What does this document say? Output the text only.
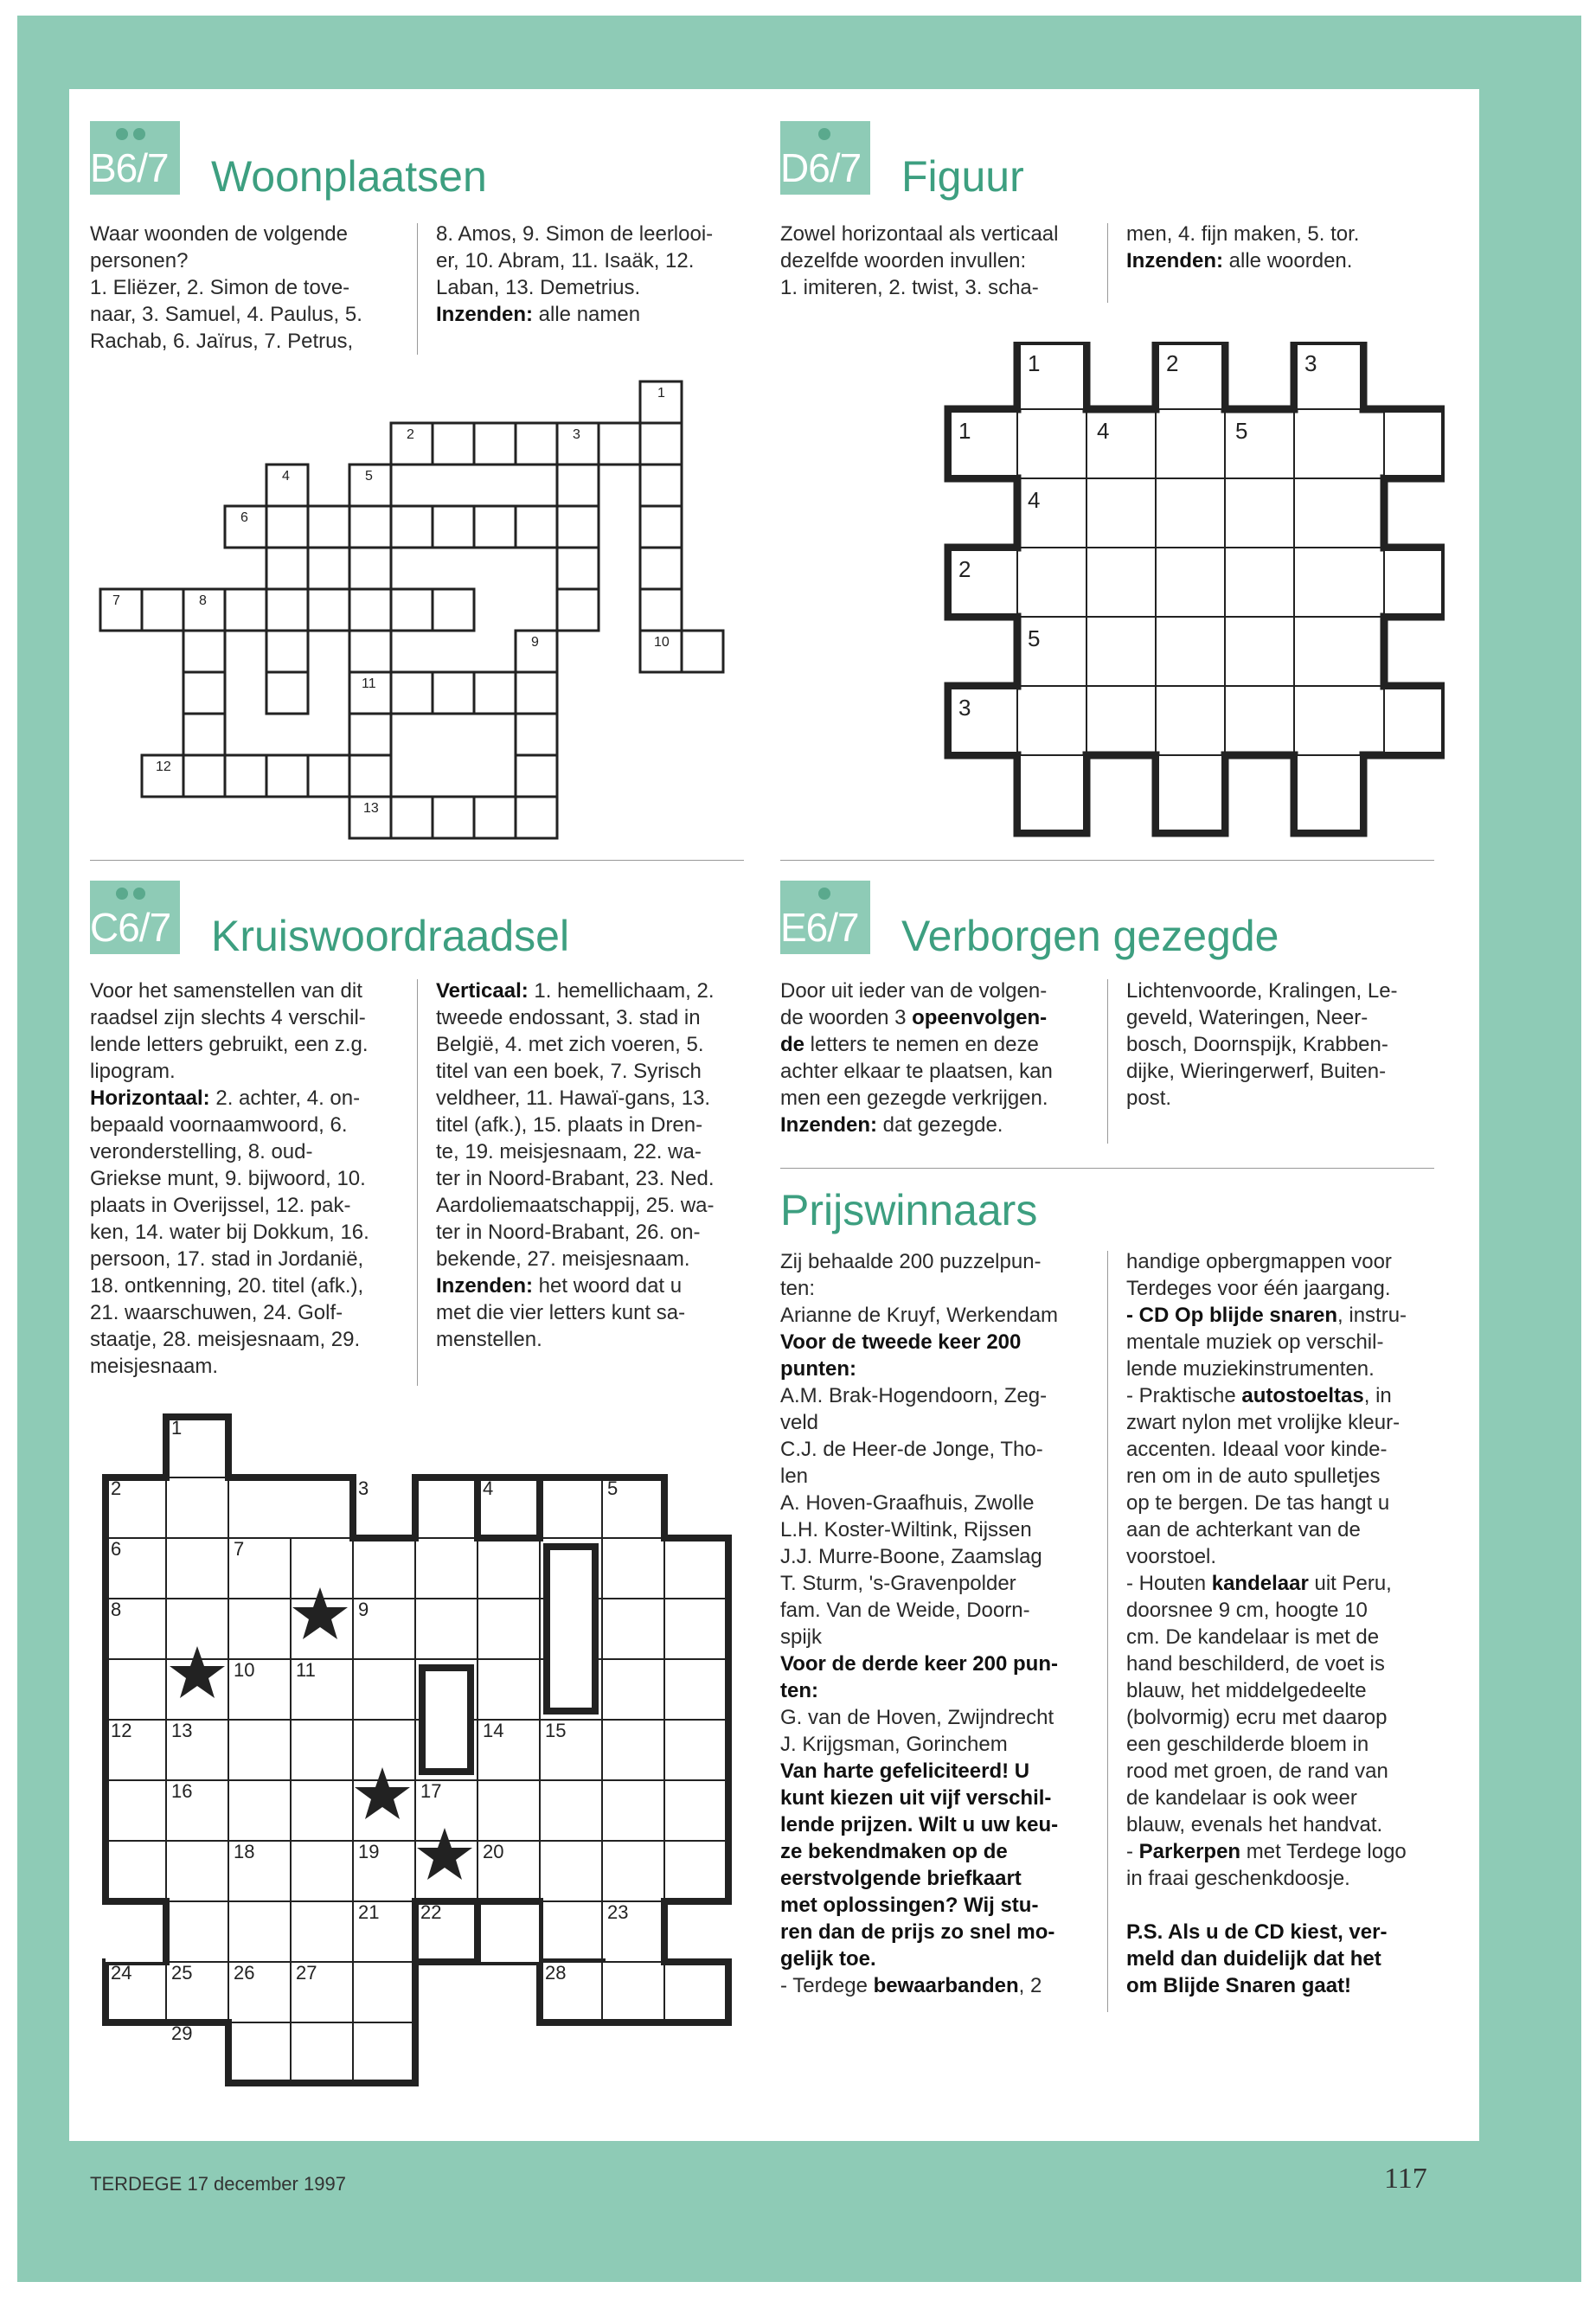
B6/7 Woonplaatsen
Waar woonden de volgende
personen?
1. Eliëzer, 2. Simon de tove-
naar, 3. Samuel, 4. Paulus, 5.
Rachab, 6. Jaïrus, 7. Petrus,
8. Amos, 9. Simon de leerlooi-
er, 10. Abram, 11. Isaäk, 12.
Laban, 13. Demetrius.
Inzenden: alle namen
1
2	3
4	5
6
7	8
9	10
11
12
13
D6/7 Figuur
Zowel horizontaal als verticaal
dezelfde woorden invullen:
1. imiteren, 2. twist, 3. scha-
men, 4. fijn maken, 5. tor.
Inzenden: alle woorden.
1	2	3
1	4	5
4
2
5
3
C6/7 Kruiswoordraadsel
Voor het samenstellen van dit
raadsel zijn slechts 4 verschil-
lende letters gebruikt, een z.g.
lipogram.
Horizontaal: 2. achter, 4. on-
bepaald voornaamwoord, 6.
veronderstelling, 8. oud-
Griekse munt, 9. bijwoord, 10.
plaats in Overijssel, 12. pak-
ken, 14. water bij Dokkum, 16.
persoon, 17. stad in Jordanië,
18. ontkenning, 20. titel (afk.),
21. waarschuwen, 24. Golf-
staatje, 28. meisjesnaam, 29.
meisjesnaam.
Verticaal: 1. hemellichaam, 2.
tweede endossant, 3. stad in
België, 4. met zich voeren, 5.
titel van een boek, 7. Syrisch
veldheer, 11. Hawaï-gans, 13.
titel (afk.), 15. plaats in Dren-
te, 19. meisjesnaam, 22. wa-
ter in Noord-Brabant, 23. Ned.
Aardoliemaatschappij, 25. wa-
ter in Noord-Brabant, 26. on-
bekende, 27. meisjesnaam.
Inzenden: het woord dat u
met die vier letters kunt sa-
menstellen.
1
2	3	4	5
6	7
8	9
10 11
12 13	14 15
16	17
18	19	20
21 22	23
24 25 26 27	28
29
E6/7 Verborgen gezegde
Door uit ieder van de volgen-
de woorden 3 opeenvolgen-
de letters te nemen en deze
achter elkaar te plaatsen, kan
men een gezegde verkrijgen.
Inzenden: dat gezegde.
Lichtenvoorde, Kralingen, Le-
geveld, Wateringen, Neer-
bosch, Doornspijk, Krabben-
dijke, Wieringerwerf, Buiten-
post.
Prijswinnaars
Zij behaalde 200 puzzelpun-
ten:
Arianne de Kruyf, Werkendam
Voor de tweede keer 200
punten:
A.M. Brak-Hogendoorn, Zeg-
veld
C.J. de Heer-de Jonge, Tho-
len
A. Hoven-Graafhuis, Zwolle
L.H. Koster-Wiltink, Rijssen
J.J. Murre-Boone, Zaamslag
T. Sturm, 's-Gravenpolder
fam. Van de Weide, Doorn-
spijk
Voor de derde keer 200 pun-
ten:
G. van de Hoven, Zwijndrecht
J. Krijgsman, Gorinchem
Van harte gefeliciteerd! U
kunt kiezen uit vijf verschil-
lende prijzen. Wilt u uw keu-
ze bekendmaken op de
eerstvolgende briefkaart
met oplossingen? Wij stu-
ren dan de prijs zo snel mo-
gelijk toe.
- Terdege bewaarbanden, 2
handige opbergmappen voor
Terdeges voor één jaargang.
- CD Op blijde snaren, instru-
mentale muziek op verschil-
lende muziekinstrumenten.
- Praktische autostoeltas, in
zwart nylon met vrolijke kleur-
accenten. Ideaal voor kinde-
ren om in de auto spulletjes
op te bergen. De tas hangt u
aan de achterkant van de
voorstoel.
- Houten kandelaar uit Peru,
doorsnee 9 cm, hoogte 10
cm. De kandelaar is met de
hand beschilderd, de voet is
blauw, het middelgedeelte
(bolvormig) ecru met daarop
een geschilderde bloem in
rood met groen, de rand van
de kandelaar is ook weer
blauw, evenals het handvat.
- Parkerpen met Terdege logo
in fraai geschenkdoosje.
P.S. Als u de CD kiest, ver-
meld dan duidelijk dat het
om Blijde Snaren gaat!
TERDEGE 17 december 1997	117
